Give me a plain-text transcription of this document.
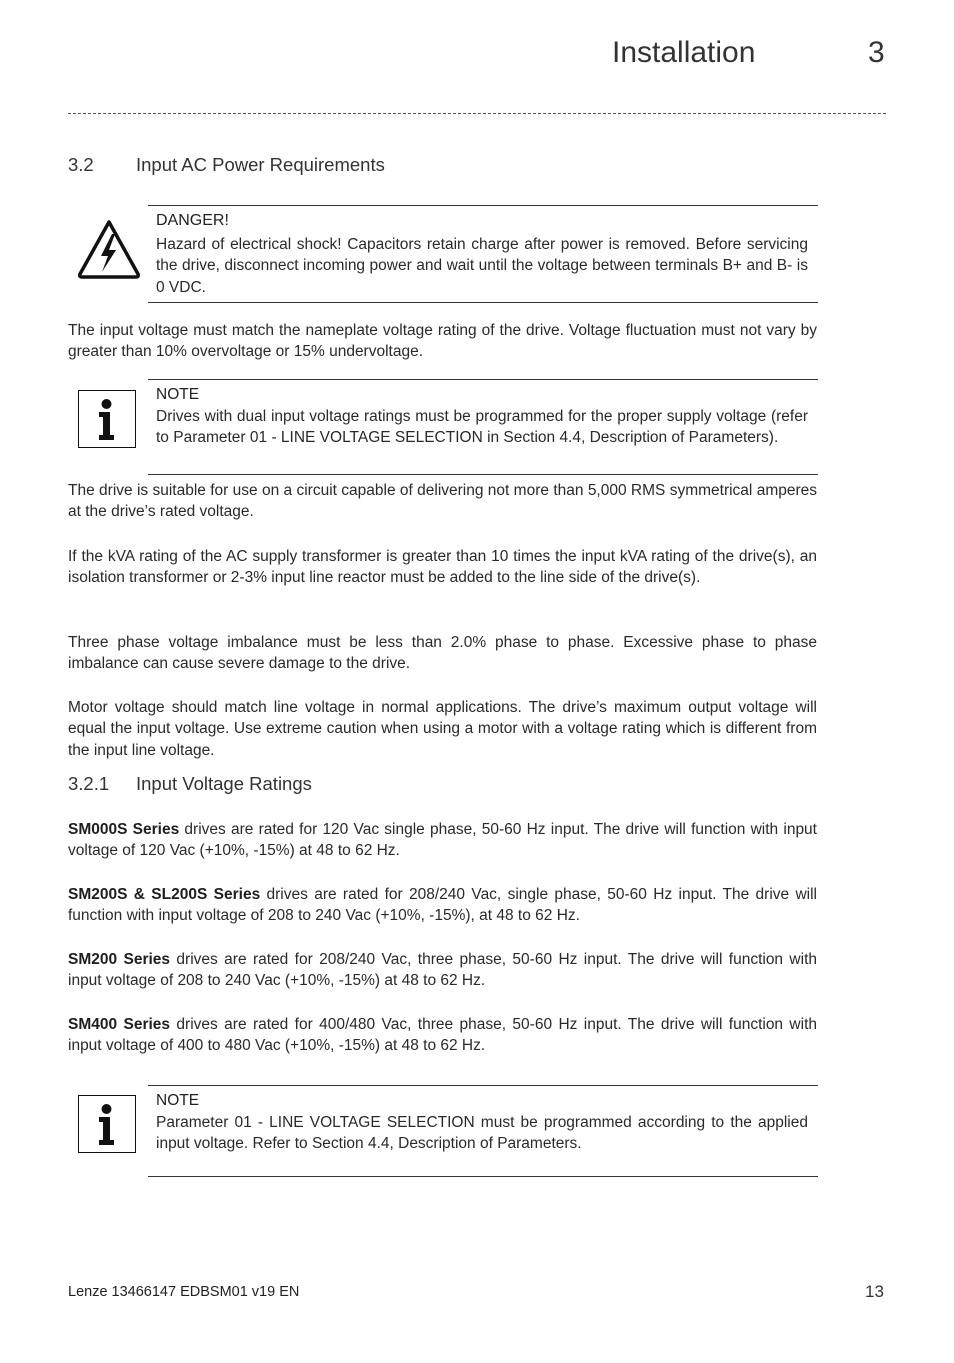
Installation	3
3.2 Input AC Power Requirements
DANGER!
Hazard of electrical shock! Capacitors retain charge after power is removed. Before servicing the drive, disconnect incoming power and wait until the voltage between terminals B+ and B- is 0 VDC.
The input voltage must match the nameplate voltage rating of the drive. Voltage fluctuation must not vary by greater than 10% overvoltage or 15% undervoltage.
NOTE
Drives with dual input voltage ratings must be programmed for the proper supply voltage (refer to Parameter 01 - LINE VOLTAGE SELECTION in Section 4.4, Description of Parameters).
The drive is suitable for use on a circuit capable of delivering not more than 5,000 RMS symmetrical amperes at the drive’s rated voltage.
If the kVA rating of the AC supply transformer is greater than 10 times the input kVA rating of the drive(s), an isolation transformer or 2-3% input line reactor must be added to the line side of the drive(s).
Three phase voltage imbalance must be less than 2.0% phase to phase. Excessive phase to phase imbalance can cause severe damage to the drive.
Motor voltage should match line voltage in normal applications. The drive’s maximum output voltage will equal the input voltage. Use extreme caution when using a motor with a voltage rating which is different from the input line voltage.
3.2.1 Input Voltage Ratings
SM000S Series drives are rated for 120 Vac single phase, 50-60 Hz input. The drive will function with input voltage of 120 Vac (+10%, -15%) at 48 to 62 Hz.
SM200S & SL200S Series drives are rated for 208/240 Vac, single phase, 50-60 Hz input. The drive will function with input voltage of 208 to 240 Vac (+10%, -15%), at 48 to 62 Hz.
SM200 Series drives are rated for 208/240 Vac, three phase, 50-60 Hz input. The drive will function with input voltage of 208 to 240 Vac (+10%, -15%) at 48 to 62 Hz.
SM400 Series drives are rated for 400/480 Vac, three phase, 50-60 Hz input. The drive will function with input voltage of 400 to 480 Vac (+10%, -15%) at 48 to 62 Hz.
NOTE
Parameter 01 - LINE VOLTAGE SELECTION must be programmed according to the applied input voltage. Refer to Section 4.4, Description of Parameters.
Lenze 13466147 EDBSM01 v19 EN	13
